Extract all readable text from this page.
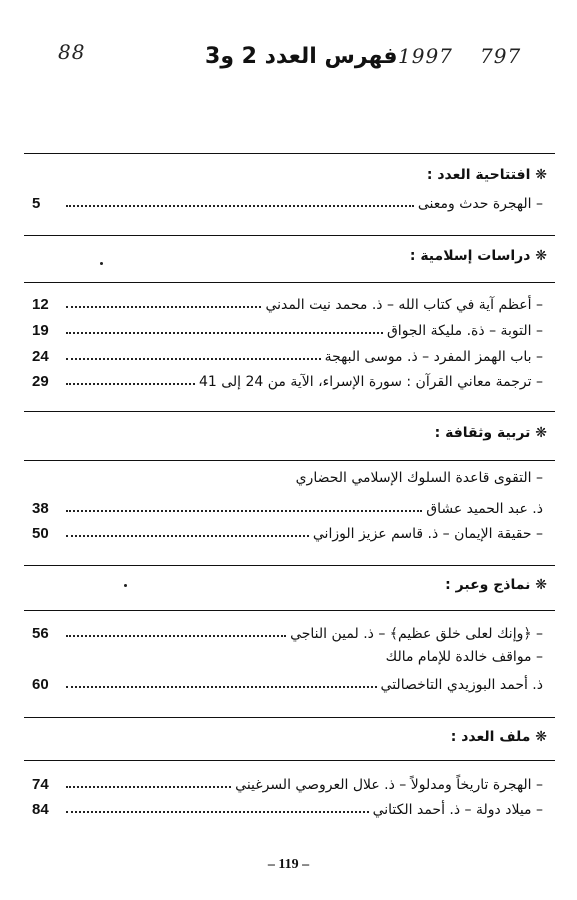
88	فهرس العدد 2 و3 1997 797
❋ افتتاحية العدد :
– الهجرة حدث ومعنى
5
❋ دراسات إسلامية :
– أعظم آية في كتاب الله – ذ. محمد نيت المدني
12
– التوبة – ذة. مليكة الجواق
19
– باب الهمز المفرد – ذ. موسى البهجة
24
– ترجمة معاني القرآن : سورة الإسراء، الآية من 24 إلى 41
29
❋ تربية وثقافة :
– التقوى قاعدة السلوك الإسلامي الحضاري
ذ. عبد الحميد عشاق
38
– حقيقة الإيمان – ذ. قاسم عزيز الوزاني
50
❋ نماذج وعبر :
– ﴿وإنك لعلى خلق عظيم﴾ – ذ. لمين الناجي
56
– مواقف خالدة للإمام مالك
ذ. أحمد البوزيدي التاخصالتي
60
❋ ملف العدد :
– الهجرة تاريخاً ومدلولاً – ذ. علال العروصي السرغيني
74
– ميلاد دولة – ذ. أحمد الكتاني
84
– 119 –
